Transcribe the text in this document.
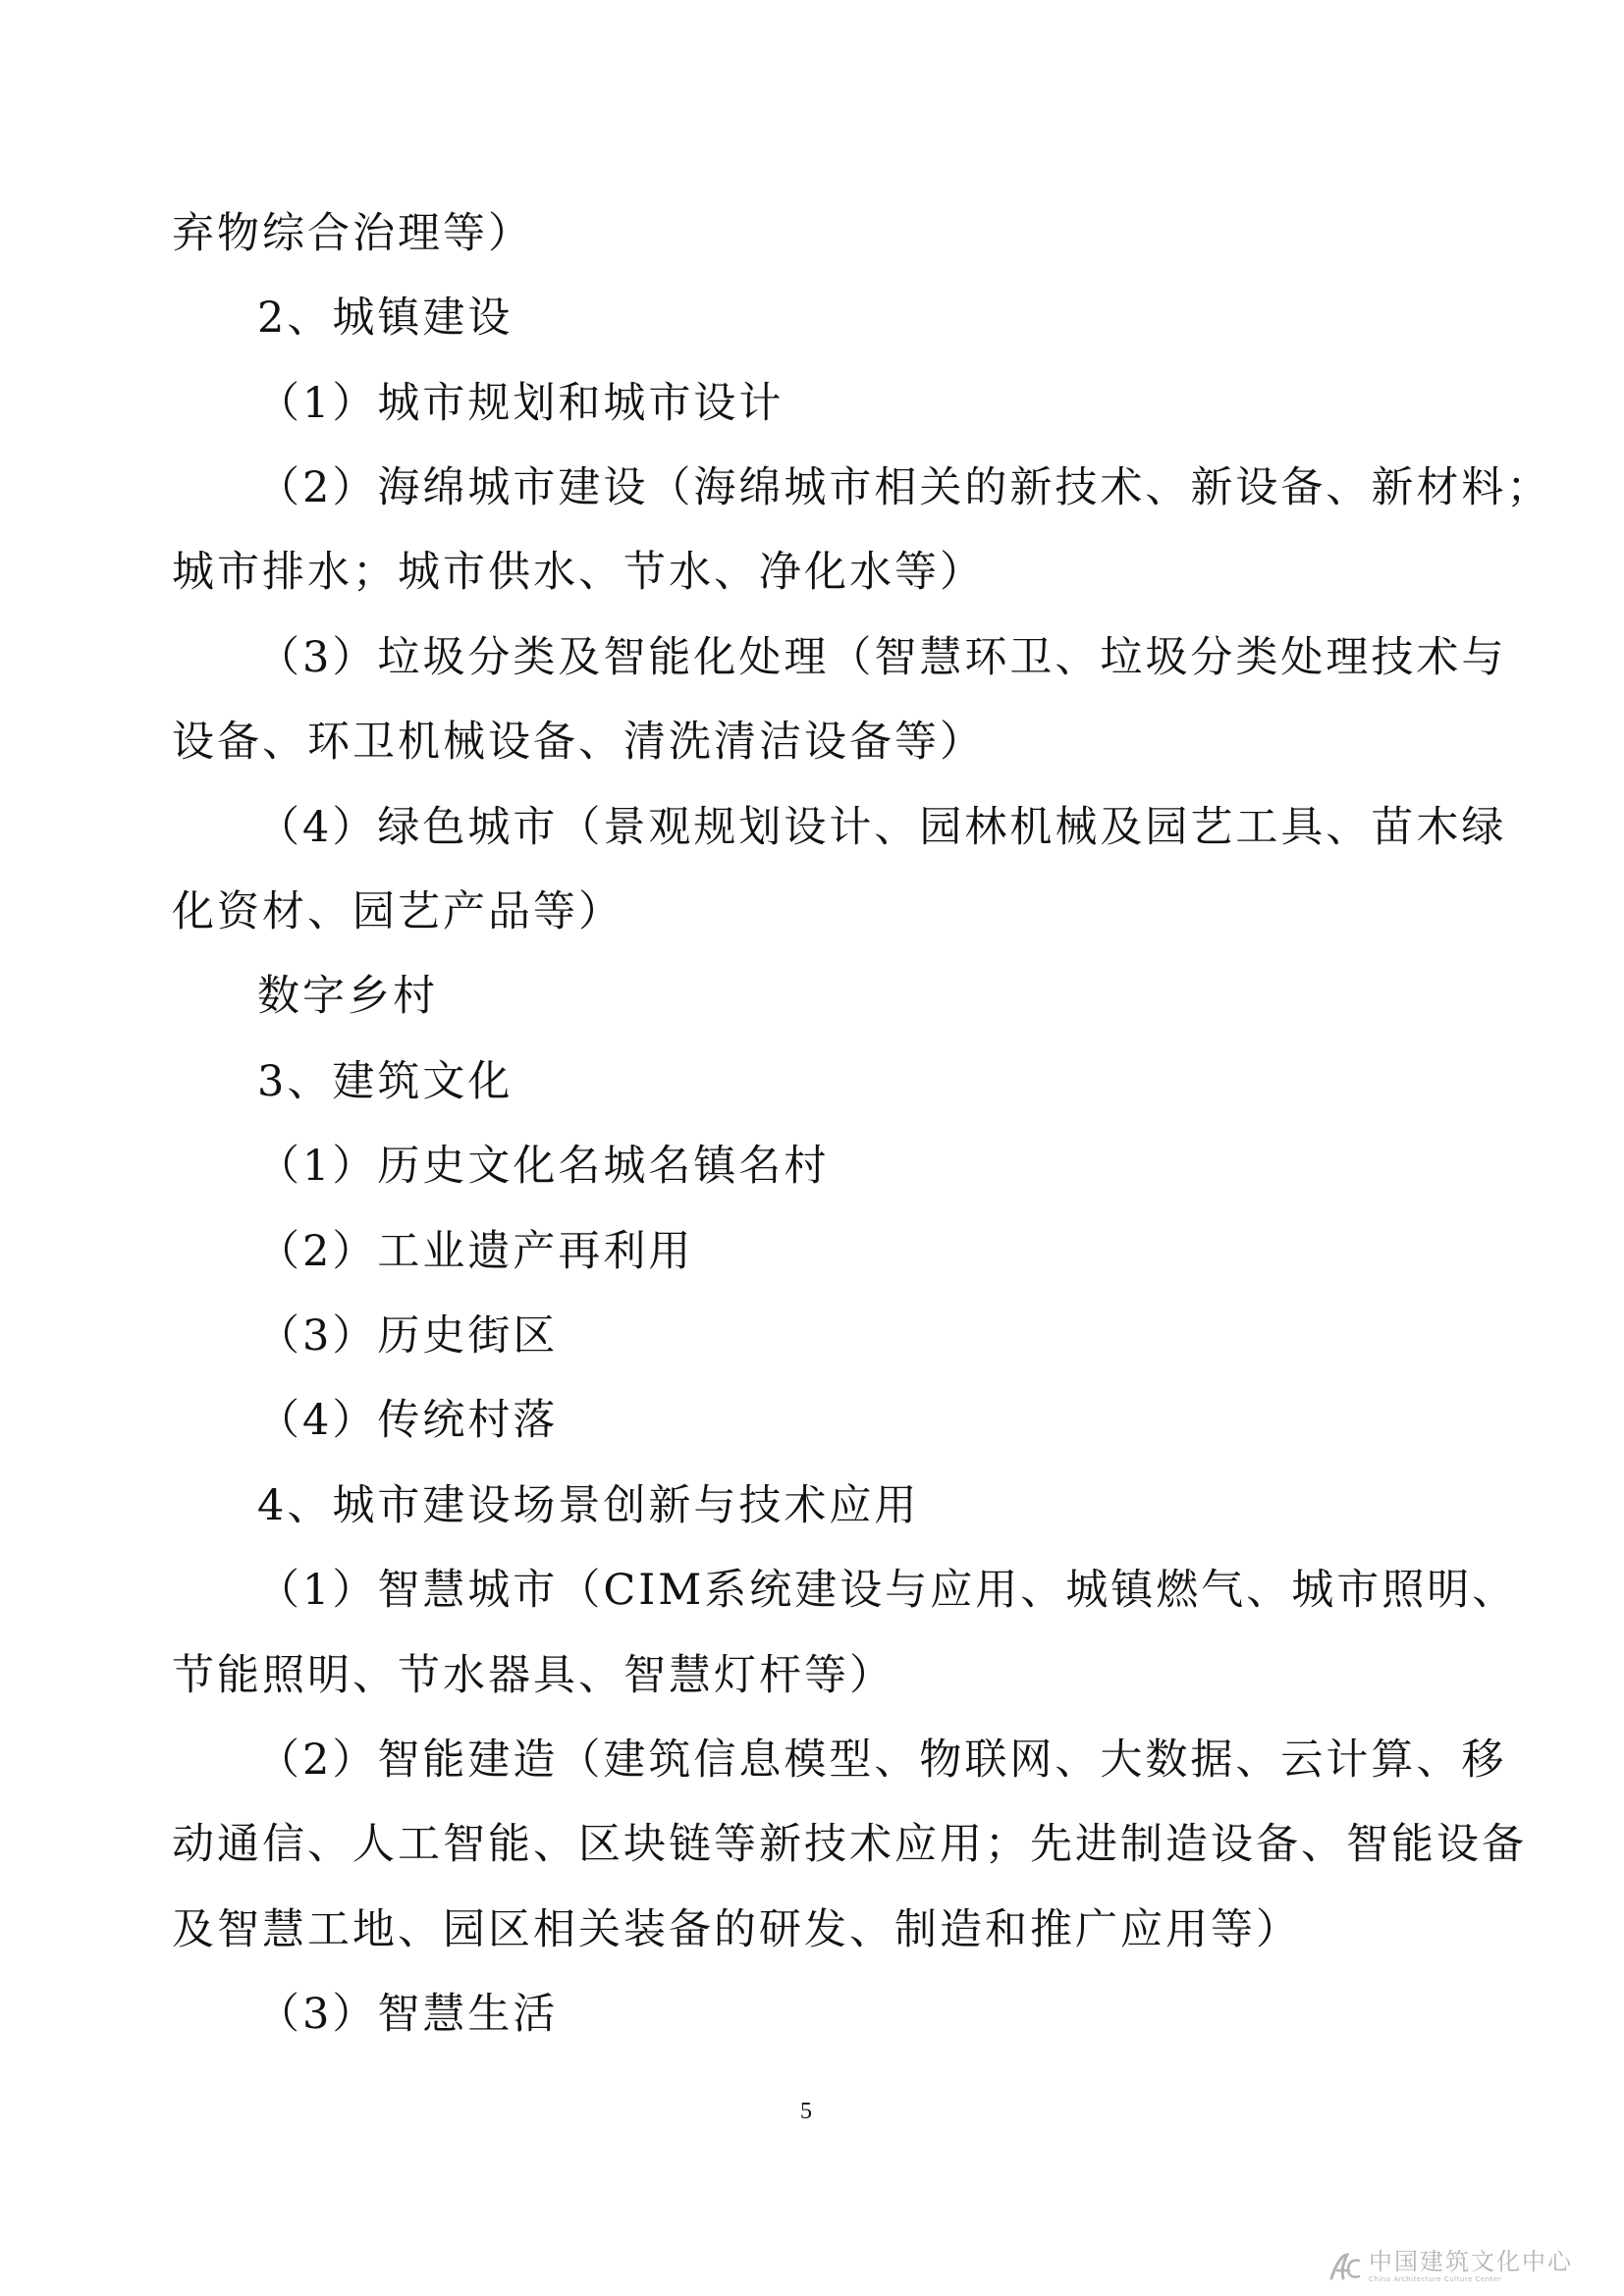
弃物综合治理等）
2、城镇建设
（1）城市规划和城市设计
（2）海绵城市建设（海绵城市相关的新技术、新设备、新材料；
城市排水；城市供水、节水、净化水等）
（3）垃圾分类及智能化处理（智慧环卫、垃圾分类处理技术与
设备、环卫机械设备、清洗清洁设备等）
（4）绿色城市（景观规划设计、园林机械及园艺工具、苗木绿
化资材、园艺产品等）
数字乡村
3、建筑文化
（1）历史文化名城名镇名村
（2）工业遗产再利用
（3）历史街区
（4）传统村落
4、城市建设场景创新与技术应用
（1）智慧城市（CIM系统建设与应用、城镇燃气、城市照明、
节能照明、节水器具、智慧灯杆等）
（2）智能建造（建筑信息模型、物联网、大数据、云计算、移
动通信、人工智能、区块链等新技术应用；先进制造设备、智能设备
及智慧工地、园区相关装备的研发、制造和推广应用等）
（3）智慧生活
5
中国建筑文化中心
China Architecture Culture Center
